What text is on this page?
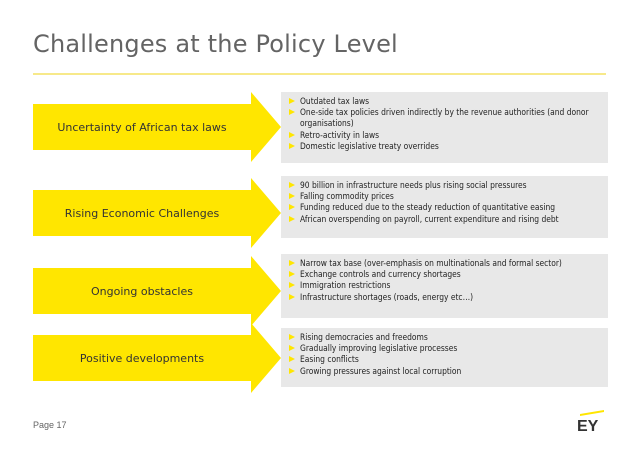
Challenges at the Policy Level
Uncertainty of African tax laws
Outdated tax laws
One-side tax policies driven indirectly by the revenue authorities (and donor organisations)
Retro-activity in laws
Domestic legislative treaty overrides
Rising Economic Challenges
90 billion in infrastructure needs plus rising social pressures
Falling commodity prices
Funding reduced due to the steady reduction of quantitative easing
African overspending on payroll, current expenditure and rising debt
Ongoing obstacles
Narrow tax base (over-emphasis on multinationals and formal sector)
Exchange controls and currency shortages
Immigration restrictions
Infrastructure shortages (roads, energy etc…)
Positive developments
Rising democracies and freedoms
Gradually improving legislative processes
Easing conflicts
Growing pressures against local corruption
Page 17	EY
